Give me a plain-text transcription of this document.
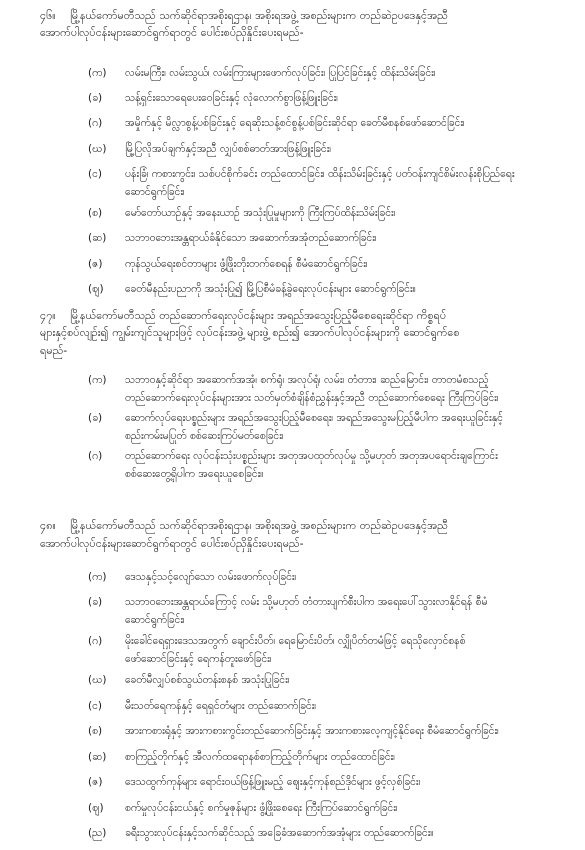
၄၆။ မြို့နယ်ကော်မတီသည် သက်ဆိုင်ရာအစိုးရဌာန၊ အစိုးရအဖွဲ့ အစည်းများက တည်ဆဲဥပဒေနှင့်အညီ
အောက်ပါလုပ်ငန်းများဆောင်ရွက်ရာတွင် ပေါင်းစပ်ညှိနှိုင်းပေးရမည်-
(က) လမ်းမကြီး၊ လမ်းသွယ်၊ လမ်းကြားများဖောက်လုပ်ခြင်း၊ ပြုပြင်ခြင်းနှင့် ထိန်းသိမ်းခြင်း၊
(ခ) သန့်ရှင်းသောရေပေးဝေခြင်းနှင့် လုံလောက်စွာဖြန့်ဖြူးခြင်း၊
(ဂ) အမှိုက်နှင့် မိလ္လာစွန့်ပစ်ခြင်းနှင့် ရေဆိုးသန့်စင်စွန့်ပစ်ခြင်းဆိုင်ရာ ခေတ်မီစနစ်ဖော်ဆောင်ခြင်း၊
(ဃ) မြို့ပြလိုအပ်ချက်နှင့်အညီ လျှပ်စစ်ဓာတ်အားဖြန့်ဖြူးခြင်း၊
(င) ပန်းခြံ၊ ကစားကွင်း၊ သစ်ပင်စိုက်ခင်း တည်ထောင်ခြင်း၊ ထိန်းသိမ်းခြင်းနှင့် ပတ်ဝန်းကျင်စိမ်းလန်းစိုပြည်ရေး
ဆောင်ရွက်ခြင်း၊
(စ) မော်တော်ယာဉ်နှင့် အနေးယာဉ် အသုံးပြုမှုများကို ကြီးကြပ်ထိန်းသိမ်းခြင်း၊
(ဆ) သဘာဝဘေးအန္တရာယ်ခံနိုင်သော အဆောက်အအုံတည်ဆောက်ခြင်း၊
(ဇ) ကုန်သွယ်ရေးစင်တာများ ဖွံ့ဖြိုးတိုးတက်စေရန် စီမံဆောင်ရွက်ခြင်း၊
(ဈ) ခေတ်မီနည်းပညာကို အသုံးပြု၍ မြို့ပြစီမံခန့်ခွဲရေးလုပ်ငန်းများ ဆောင်ရွက်ခြင်း။
၄၇။ မြို့နယ်ကော်မတီသည် တည်ဆောက်ရေးလုပ်ငန်းများ အရည်အသွေးပြည့်မီစေရေးဆိုင်ရာ ကိစ္စရပ်
များနှင့်စပ်လျဉ်း၍ ကျွမ်းကျင်သူများဖြင့် လုပ်ငန်းအဖွဲ့ များဖွဲ့ စည်း၍ အောက်ပါလုပ်ငန်းများကို ဆောင်ရွက်စေ
ရမည်-
(က) သဘာဝနှင့်ဆိုင်ရာ အဆောက်အအုံ၊ စက်ရုံ၊ အလုပ်ရုံ၊ လမ်း၊ တံတား၊ ဆည်မြောင်း၊ တာတမံစသည့်
တည်ဆောက်ရေးလုပ်ငန်းများအား သတ်မှတ်စံချိန်စံညွှန်းနှင့်အညီ တည်ဆောက်စေရေး ကြီးကြပ်ခြင်း၊
(ခ) ဆောက်လုပ်ရေးပစ္စည်းများ အရည်အသွေးပြည့်မီစေရေး၊ အရည်အသွေးမပြည့်မီပါက အရေးယူခြင်းနှင့်
စည်းကမ်းမပြုတ် စစ်ဆေးကြပ်မတ်စေခြင်း၊
(ဂ) တည်ဆောက်ရေး လုပ်ငန်းသုံးပစ္စည်းများ အတုအပထုတ်လုပ်မှု သို့မဟုတ် အတုအပရောင်းချကြောင်း
စစ်ဆေးတွေ့ရှိပါက အရေးယူစေခြင်း။
၄၈။ မြို့နယ်ကော်မတီသည် သက်ဆိုင်ရာအစိုးရဌာန၊ အစိုးရအဖွဲ့ အစည်းများက တည်ဆဲဥပဒေနှင့်အညီ
အောက်ပါလုပ်ငန်းများဆောင်ရွက်ရာတွင် ပေါင်းစပ်ညှိနှိုင်းပေးရမည်-
(က) ဒေသနှင့်သင့်လျော်သော လမ်းဖောက်လုပ်ခြင်း၊
(ခ) သဘာဝဘေးအန္တရာယ်ကြောင့် လမ်း သို့မဟုတ် တံတားပျက်စီးပါက အရေးပေါ်သွားလာနိုင်ရန် စီမံ
ဆောင်ရွက်ခြင်း၊
(ဂ) မိုးခေါင်ရေရှားဒေသအတွက် ချောင်းပိတ်၊ ရေမြောင်းပိတ်၊ လျှိုပိတ်တမံဖြင့် ရေသိုလှောင်စနစ်
ဖော်ဆောင်ခြင်းနှင့် ရေကန်တူးဖော်ခြင်း၊
(ဃ) ခေတ်မီလျှပ်စစ်သွယ်တန်းစနစ် အသုံးပြုခြင်း၊
(င) မီးသတ်ရေကန်နှင့် ရေရှင်တံများ တည်ဆောက်ခြင်း၊
(စ) အားကစားရုံနှင့် အားကစားကွင်းတည်ဆောက်ခြင်းနှင့် အားကစားလေ့ကျင့်နိုင်ရေး စီမံဆောင်ရွက်ခြင်း၊
(ဆ) စာကြည့်တိုက်နှင့် အီလက်ထရောနစ်စာကြည့်တိုက်များ တည်ထောင်ခြင်း၊
(ဇ) ဒေသထွက်ကုန်များ ရောင်းဝယ်ဖြန့်ဖြူးမည့် ဈေးနှင့်ကုန်စည်ဒိုင်များ ဖွင့်လှစ်ခြင်း၊
(ဈ) စက်မှုလုပ်ငန်းငယ်နှင့် စက်မှုဇုန်များ ဖွံ့ဖြိုးစေရေး ကြီးကြပ်ဆောင်ရွက်ခြင်း၊
(ည) ခရီးသွားလုပ်ငန်းနှင့်သက်ဆိုင်သည့် အခြေခံအဆောက်အအုံများ တည်ဆောက်ခြင်း။
